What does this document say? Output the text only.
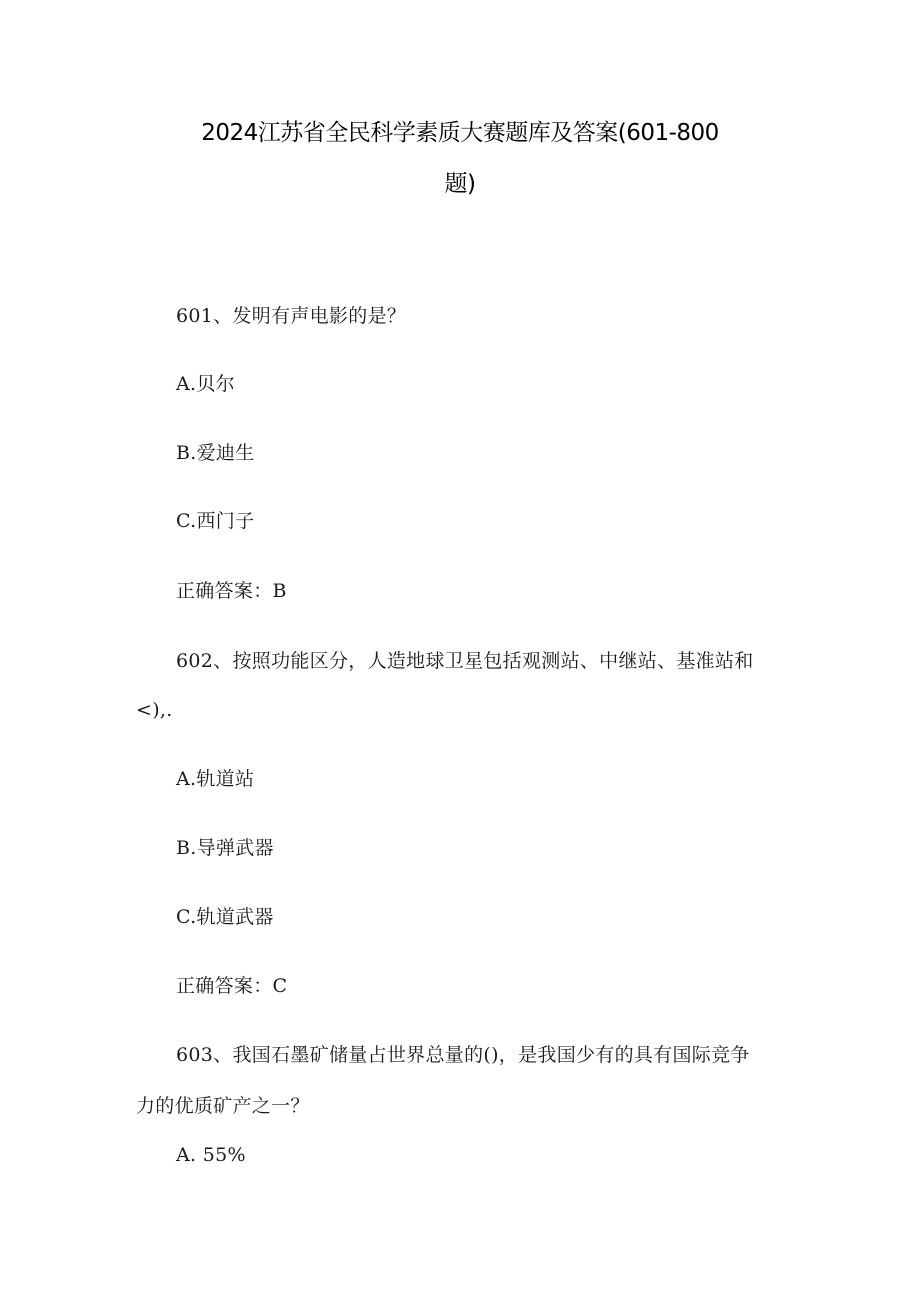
2024江苏省全民科学素质大赛题库及答案(601-800
题)
601、发明有声电影的是？
A.贝尔
B.爱迪生
C.西门子
正确答案：B
602、按照功能区分，人造地球卫星包括观测站、中继站、基准站和
<),.
A.轨道站
B.导弹武器
C.轨道武器
正确答案：C
603、我国石墨矿储量占世界总量的()，是我国少有的具有国际竞争
力的优质矿产之一？
A. 55%
